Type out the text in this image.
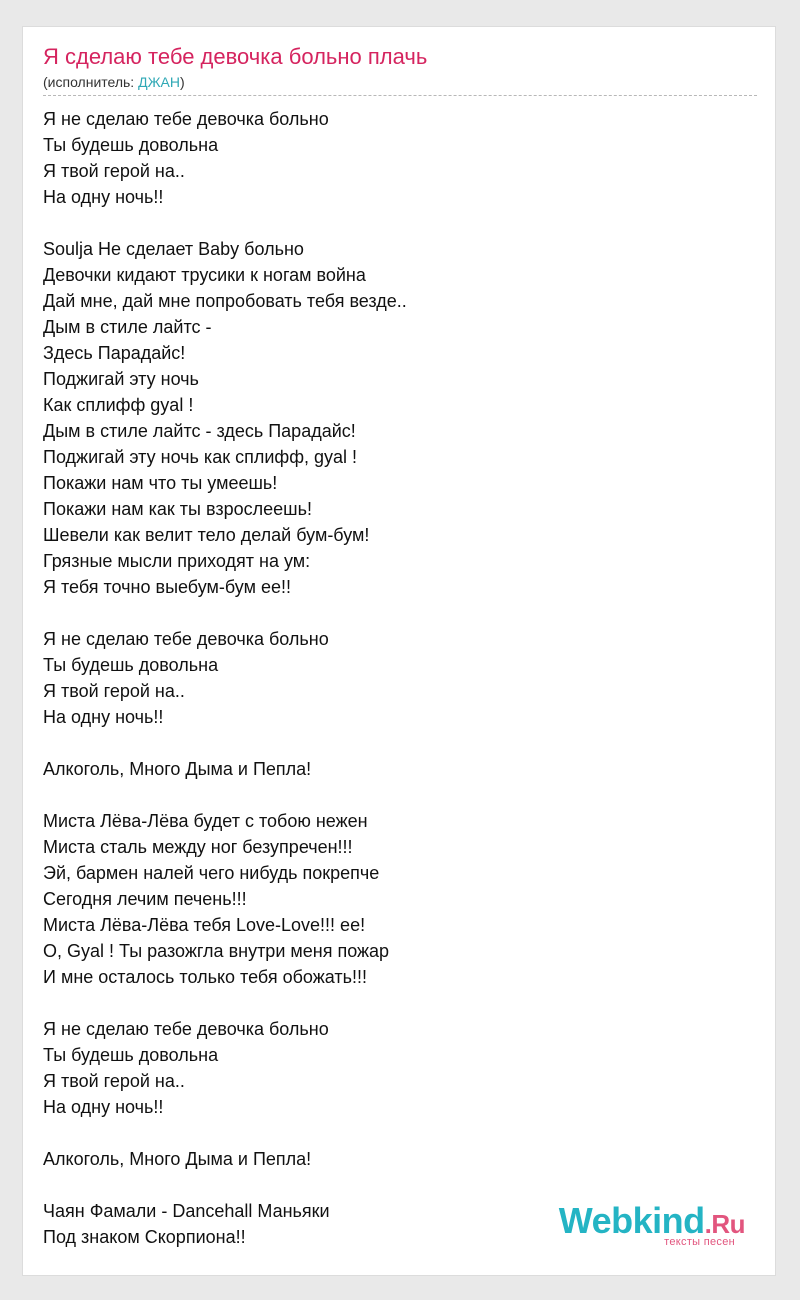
Я сделаю тебе девочка больно плачь
(исполнитель: ДЖАН)
Я не сделаю тебе девочка больно
Ты будешь довольна
Я твой герой на..
На одну ночь!!
Soulja Не сделает Baby больно
Девочки кидают трусики к ногам война
Дай мне, дай мне попробовать тебя везде..
Дым в стиле лайтс -
Здесь Парадайс!
Поджигай эту ночь
Как сплифф gyal !
Дым в стиле лайтс - здесь Парадайс!
Поджигай эту ночь как сплифф, gyal !
Покажи нам что ты умеешь!
Покажи нам как ты взрослеешь!
Шевели как велит тело делай бум-бум!
Грязные мысли приходят на ум:
Я тебя точно выебум-бум ее!!
Я не сделаю тебе девочка больно
Ты будешь довольна
Я твой герой на..
На одну ночь!!
Алкоголь, Много Дыма и Пепла!
Миста Лёва-Лёва будет с тобою нежен
Миста сталь между ног безупречен!!!
Эй, бармен налей чего нибудь покрепче
Сегодня лечим печень!!!
Миста Лёва-Лёва тебя Love-Love!!! ее!
О, Gyal ! Ты разожгла внутри меня пожар
И мне осталось только тебя обожать!!!
Я не сделаю тебе девочка больно
Ты будешь довольна
Я твой герой на..
На одну ночь!!
Алкоголь, Много Дыма и Пепла!
Чаян Фамали - Dancehall Маньяки
Под знаком Скорпиона!!	Webkind.Ru
тексты песен
